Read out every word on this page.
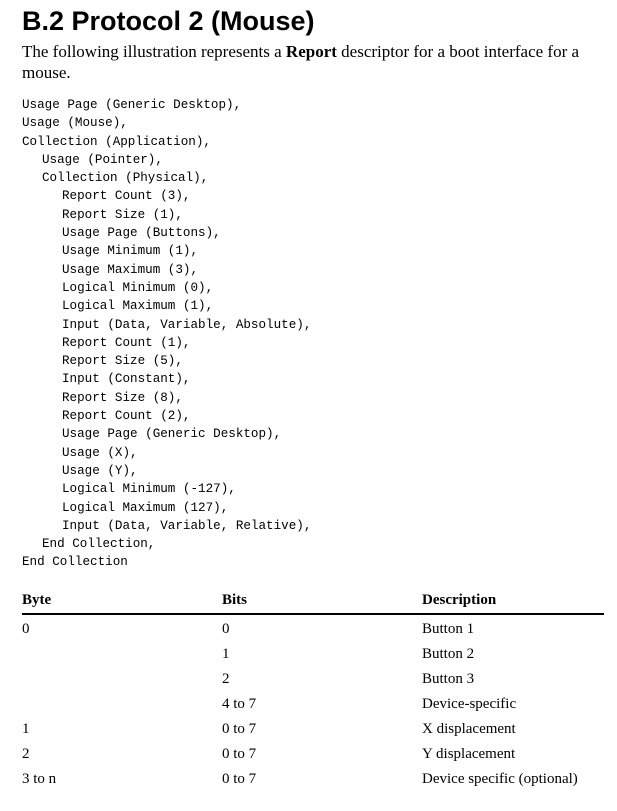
B.2 Protocol 2 (Mouse)

The following illustration represents a Report descriptor for a boot interface for a mouse.

Usage Page (Generic Desktop),
Usage (Mouse),
Collection (Application),
Usage (Pointer),
Collection (Physical),
Report Count (3),
Report Size (1),
Usage Page (Buttons),
Usage Minimum (1),
Usage Maximum (3),
Logical Minimum (0),
Logical Maximum (1),
Input (Data, Variable, Absolute),
Report Count (1),
Report Size (5),
Input (Constant),
Report Size (8),
Report Count (2),
Usage Page (Generic Desktop),
Usage (X),
Usage (Y),
Logical Minimum (-127),
Logical Maximum (127),
Input (Data, Variable, Relative),
End Collection,
End Collection
Byte	Bits	Description
0	0	Button 1
	1	Button 2
	2	Button 3
	4 to 7	Device-specific
1	0 to 7	X displacement
2	0 to 7	Y displacement
3 to n	0 to 7	Device specific (optional)
